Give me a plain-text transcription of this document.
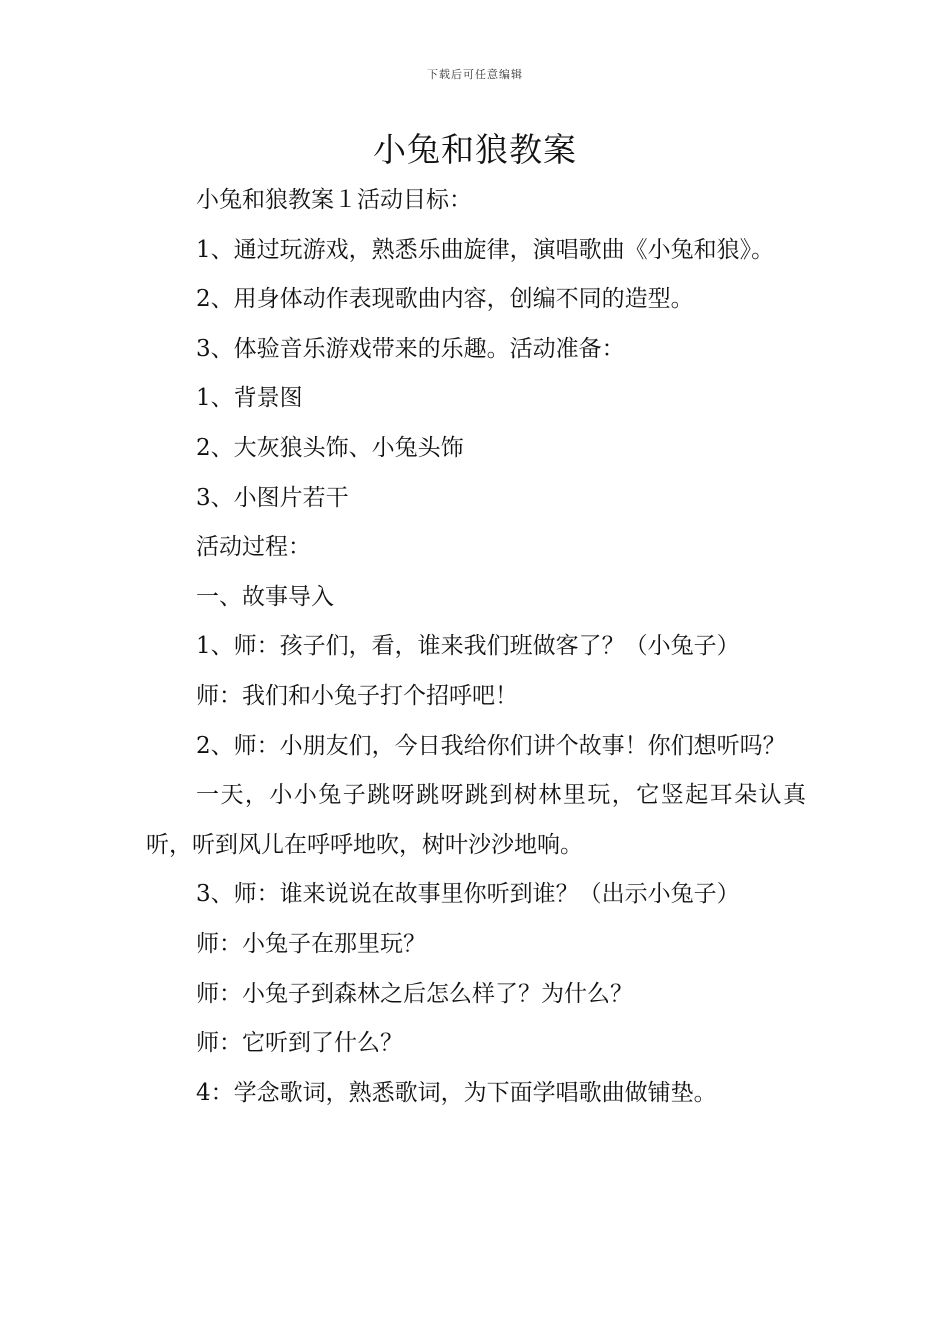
下载后可任意编辑
小兔和狼教案

小兔和狼教案１活动目标：

1、通过玩游戏，熟悉乐曲旋律，演唱歌曲《小兔和狼》。

2、用身体动作表现歌曲内容，创编不同的造型。

3、体验音乐游戏带来的乐趣。活动准备：

1、背景图

2、大灰狼头饰、小兔头饰

3、小图片若干

活动过程：

一、故事导入

1、师：孩子们，看，谁来我们班做客了？（小兔子）

师：我们和小兔子打个招呼吧！

2、师：小朋友们，今日我给你们讲个故事！你们想听吗？

一天，小小兔子跳呀跳呀跳到树林里玩，它竖起耳朵认真听，听到风儿在呼呼地吹，树叶沙沙地响。

3、师：谁来说说在故事里你听到谁？（出示小兔子）

师：小兔子在那里玩？

师：小兔子到森林之后怎么样了？为什么？

师：它听到了什么？

4：学念歌词，熟悉歌词，为下面学唱歌曲做铺垫。
